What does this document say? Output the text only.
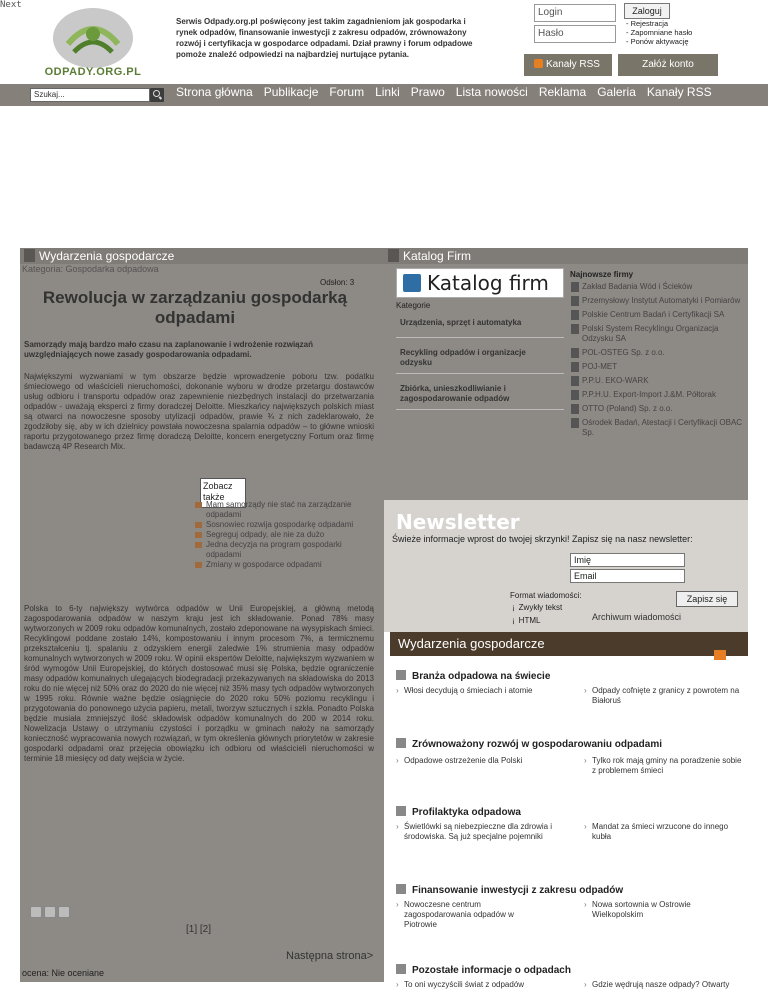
Next
ODPADY.ORG.PL
Serwis Odpady.org.pl poświęcony jest takim zagadnieniom jak gospodarka i rynek odpadów, finansowanie inwestycji z zakresu odpadów, zrównoważony rozwój i certyfikacja w gospodarce odpadami. Dział prawny i forum odpadowe pomoże znaleźć odpowiedzi na najbardziej nurtujące pytania.
Login
Hasło
Zaloguj
- Rejestracja
- Zapomniane hasło
- Ponów aktywację
Kanały RSS	Załóż konto
Szukaj...	Strona główna Publikacje Forum Linki Prawo Lista nowości Reklama Galeria Kanały RSS
Wydarzenia gospodarcze
Kategoria: Gospodarka odpadowa
Odsłon: 3
Rewolucja w zarządzaniu gospodarką odpadami
Samorządy mają bardzo mało czasu na zaplanowanie i wdrożenie rozwiązań uwzględniających nowe zasady gospodarowania odpadami.
Największymi wyzwaniami w tym obszarze będzie wprowadzenie poboru tzw. podatku śmieciowego od właścicieli nieruchomości, dokonanie wyboru w drodze przetargu dostawców usług odbioru i transportu odpadów oraz zapewnienie niezbędnych instalacji do przetwarzania odpadów - uważają eksperci z firmy doradczej Deloitte. Mieszkańcy największych polskich miast są otwarci na nowoczesne sposoby utylizacji odpadów, prawie ¾ z nich zadeklarowało, że zgodziłoby się, aby w ich dzielnicy powstała nowoczesna spalarnia odpadów – to główne wnioski raportu przygotowanego przez firmę doradczą Deloitte, koncern energetyczny Fortum oraz firmę badawczą 4P Research Mix.
Zobacz także
Mam samorządy nie stać na zarządzanie odpadami
Sosnowiec rozwija gospodarkę odpadami
Segreguj odpady, ale nie za dużo
Jedna decyzja na program gospodarki odpadami
Zmiany w gospodarce odpadami
Polska to 6-ty największy wytwórca odpadów w Unii Europejskiej, a główną metodą zagospodarowania odpadów w naszym kraju jest ich składowanie. Ponad 78% masy wytworzonych w 2009 roku odpadów komunalnych, zostało zdeponowane na wysypiskach śmieci. Recyklingowi poddane zostało 14%, kompostowaniu i innym procesom 7%, a termicznemu przekształceniu tj. spalaniu z odzyskiem energii zaledwie 1% strumienia masy odpadów komunalnych wytworzonych w 2009 roku. W opinii ekspertów Deloitte, największym wyzwaniem w śród wymogów Unii Europejskiej, do których dostosować musi się Polska, będzie ograniczenie masy odpadów komunalnych ulegających biodegradacji przekazywanych na składowiska do 2013 roku do nie więcej niż 50% oraz do 2020 do nie więcej niż 35% masy tych odpadów wytworzonych w 1995 roku. Równie ważne będzie osiągnięcie do 2020 roku 50% poziomu recyklingu i przygotowania do ponownego użycia papieru, metali, tworzyw sztucznych i szkła. Ponadto Polska będzie musiała zmniejszyć ilość składowisk odpadów komunalnych do 200 w 2014 roku. Nowelizacja Ustawy o utrzymaniu czystości i porządku w gminach nałoży na samorządy konieczność wypracowania nowych rozwiązań, w tym określenia głównych priorytetów w zakresie gospodarki odpadami oraz przejęcia obowiązku ich odbioru od właścicieli nieruchomości w terminie 18 miesięcy od daty wejścia w życie.
[1] [2]
Następna strona>
ocena: Nie oceniane
Katalog Firm
Katalog firm
Kategorie
Urządzenia, sprzęt i automatyka
Recykling odpadów i organizacje odzysku
Zbiórka, unieszkodliwianie i zagospodarowanie odpadów
Najnowsze firmy
Zakład Badania Wód i Ścieków
Przemysłowy Instytut Automatyki i Pomiarów
Polskie Centrum Badań i Certyfikacji SA
Polski System Recyklingu Organizacja Odzysku SA
POL-OSTEG Sp. z o.o.
POJ-MET
P.P.U. EKO-WARK
P.P.H.U. Export-Import J.&M. Półtorak
OTTO (Poland) Sp. z o.o.
Ośrodek Badań, Atestacji i Certyfikacji OBAC Sp.
Newsletter
Świeże informacje wprost do twojej skrzynki! Zapisz się na nasz newsletter:
Imię
Email
Format wiadomości:
¡ Zwykły tekst
¡ HTML
Zapisz się
Archiwum wiadomości
Wydarzenia gospodarcze
Branża odpadowa na świecie
› Włosi decydują o śmieciach i atomie	› Odpady cofnięte z granicy z powrotem na Białoruś
Zrównoważony rozwój w gospodarowaniu odpadami
› Odpadowe ostrzeżenie dla Polski	› Tylko rok mają gminy na poradzenie sobie z problemem śmieci
Profilaktyka odpadowa
› Świetlówki są niebezpieczne dla zdrowia i środowiska. Są już specjalne pojemniki
› Mandat za śmieci wrzucone do innego kubła
Finansowanie inwestycji z zakresu odpadów
› Nowoczesne centrum zagospodarowania odpadów w Piotrowie
› Nowa sortownia w Ostrowie Wielkopolskim
Pozostałe informacje o odpadach
› To oni wyczyścili świat z odpadów	› Gdzie wędrują nasze odpady? Otwarty
